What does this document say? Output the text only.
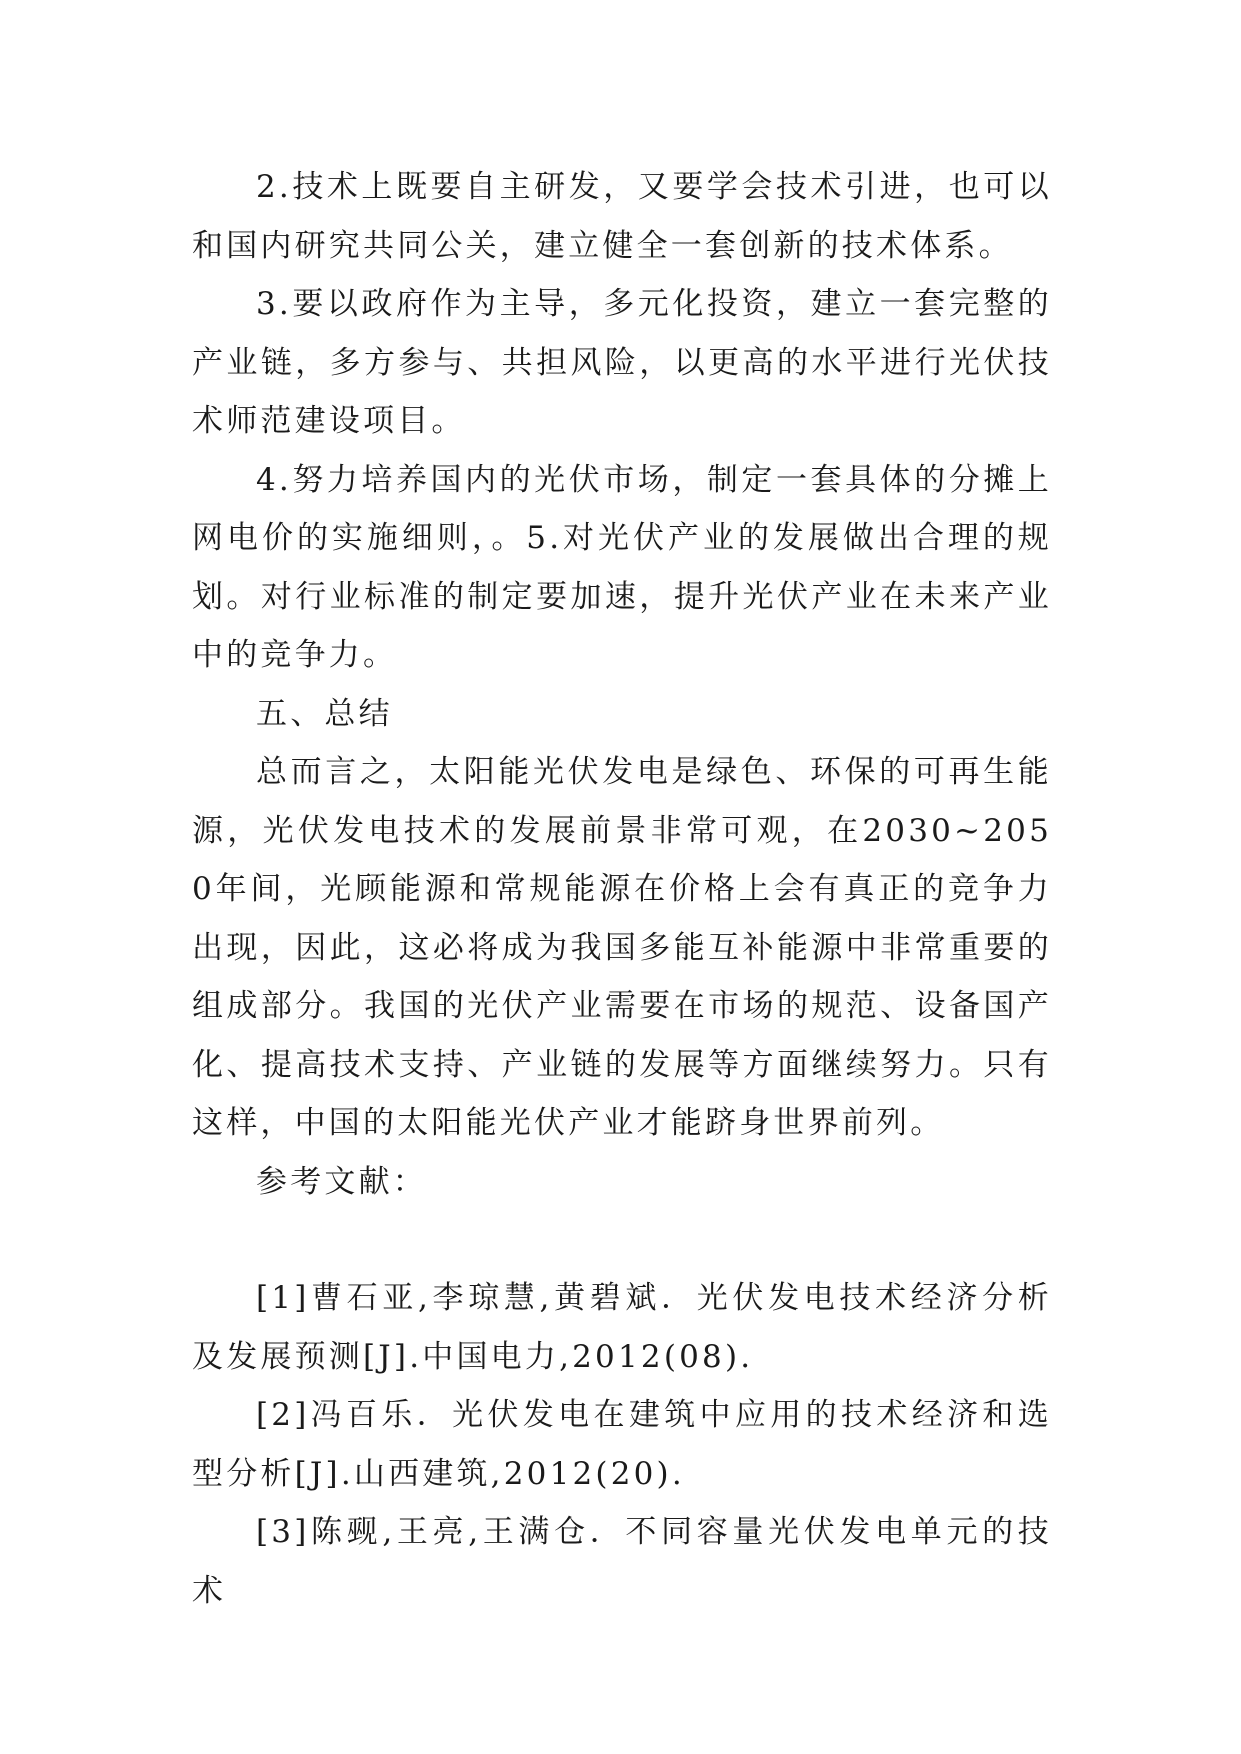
2.技术上既要自主研发，又要学会技术引进，也可以和国内研究共同公关，建立健全一套创新的技术体系。

3.要以政府作为主导，多元化投资，建立一套完整的产业链，多方参与、共担风险，以更高的水平进行光伏技术师范建设项目。

4.努力培养国内的光伏市场，制定一套具体的分摊上网电价的实施细则，。5.对光伏产业的发展做出合理的规划。对行业标准的制定要加速，提升光伏产业在未来产业中的竞争力。

五、总结

总而言之，太阳能光伏发电是绿色、环保的可再生能源，光伏发电技术的发展前景非常可观，在2030~2050年间，光顾能源和常规能源在价格上会有真正的竞争力出现，因此，这必将成为我国多能互补能源中非常重要的组成部分。我国的光伏产业需要在市场的规范、设备国产化、提高技术支持、产业链的发展等方面继续努力。只有这样，中国的太阳能光伏产业才能跻身世界前列。

参考文献：

[1]曹石亚,李琼慧,黄碧斌．光伏发电技术经济分析及发展预测[J].中国电力,2012(08).

[2]冯百乐．光伏发电在建筑中应用的技术经济和选型分析[J].山西建筑,2012(20).

[3]陈觋,王亮,王满仓．不同容量光伏发电单元的技术
